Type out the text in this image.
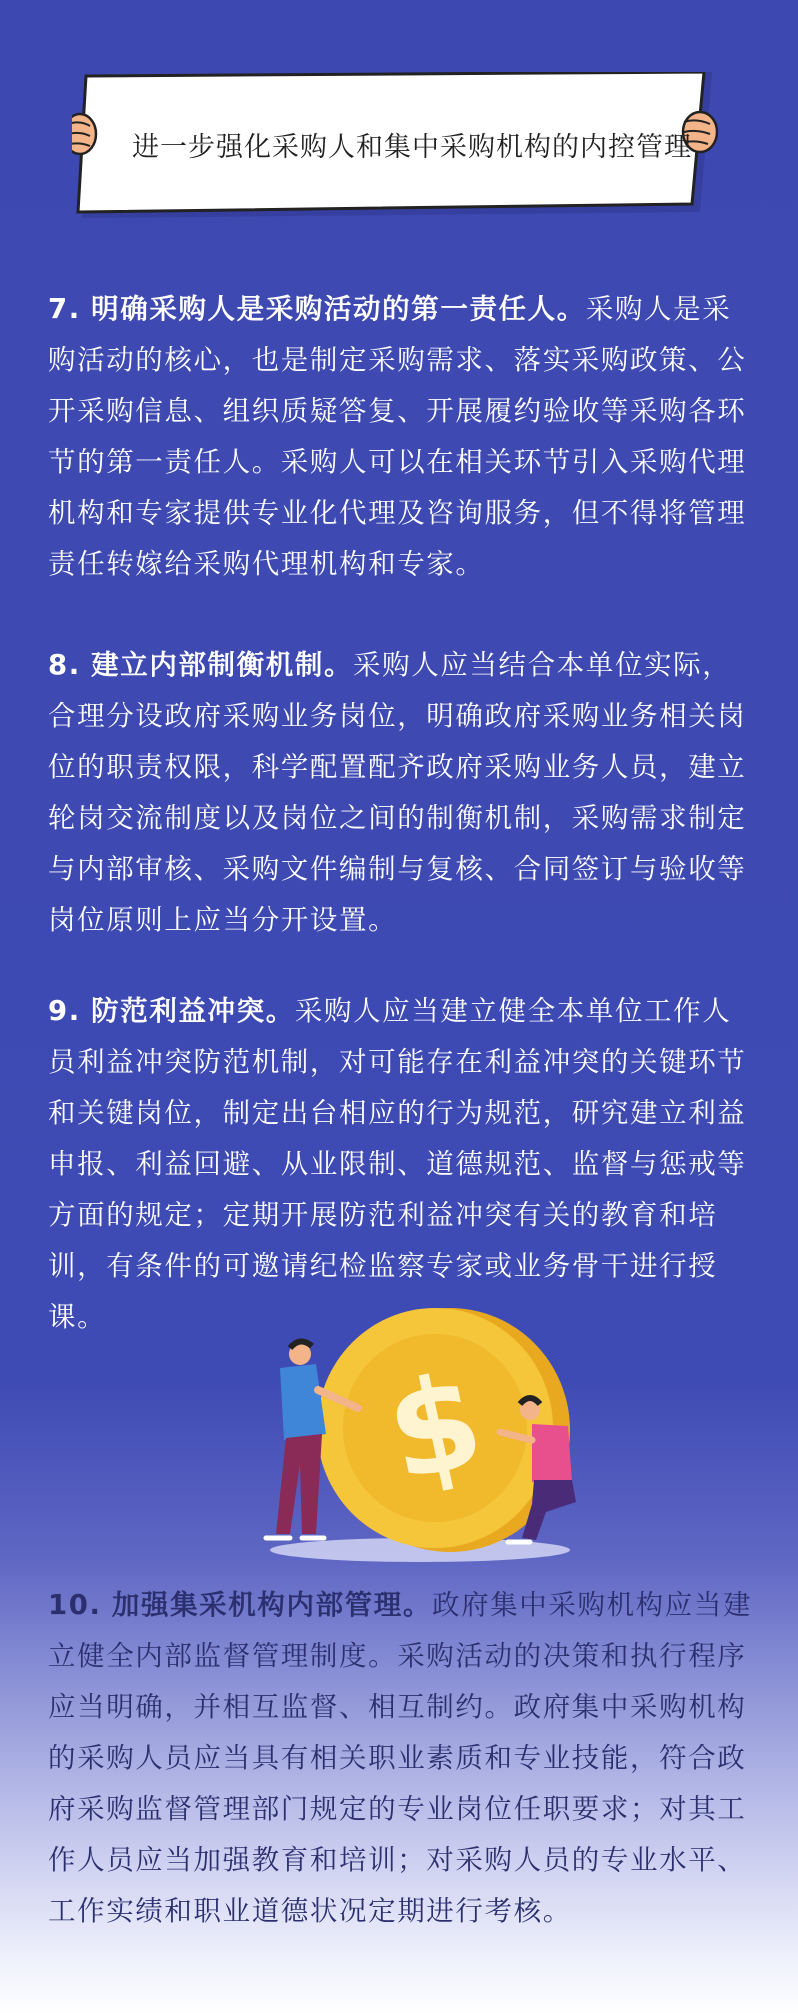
进一步强化采购人和集中采购机构的内控管理

7. 明确采购人是采购活动的第一责任人。采购人是采购活动的核心，也是制定采购需求、落实采购政策、公开采购信息、组织质疑答复、开展履约验收等采购各环节的第一责任人。采购人可以在相关环节引入采购代理机构和专家提供专业化代理及咨询服务，但不得将管理责任转嫁给采购代理机构和专家。

8. 建立内部制衡机制。采购人应当结合本单位实际，合理分设政府采购业务岗位，明确政府采购业务相关岗位的职责权限，科学配置配齐政府采购业务人员，建立轮岗交流制度以及岗位之间的制衡机制，采购需求制定与内部审核、采购文件编制与复核、合同签订与验收等岗位原则上应当分开设置。

9. 防范利益冲突。采购人应当建立健全本单位工作人员利益冲突防范机制，对可能存在利益冲突的关键环节和关键岗位，制定出台相应的行为规范，研究建立利益申报、利益回避、从业限制、道德规范、监督与惩戒等方面的规定；定期开展防范利益冲突有关的教育和培训，有条件的可邀请纪检监察专家或业务骨干进行授课。

$

10. 加强集采机构内部管理。政府集中采购机构应当建立健全内部监督管理制度。采购活动的决策和执行程序应当明确，并相互监督、相互制约。政府集中采购机构的采购人员应当具有相关职业素质和专业技能，符合政府采购监督管理部门规定的专业岗位任职要求；对其工作人员应当加强教育和培训；对采购人员的专业水平、工作实绩和职业道德状况定期进行考核。
